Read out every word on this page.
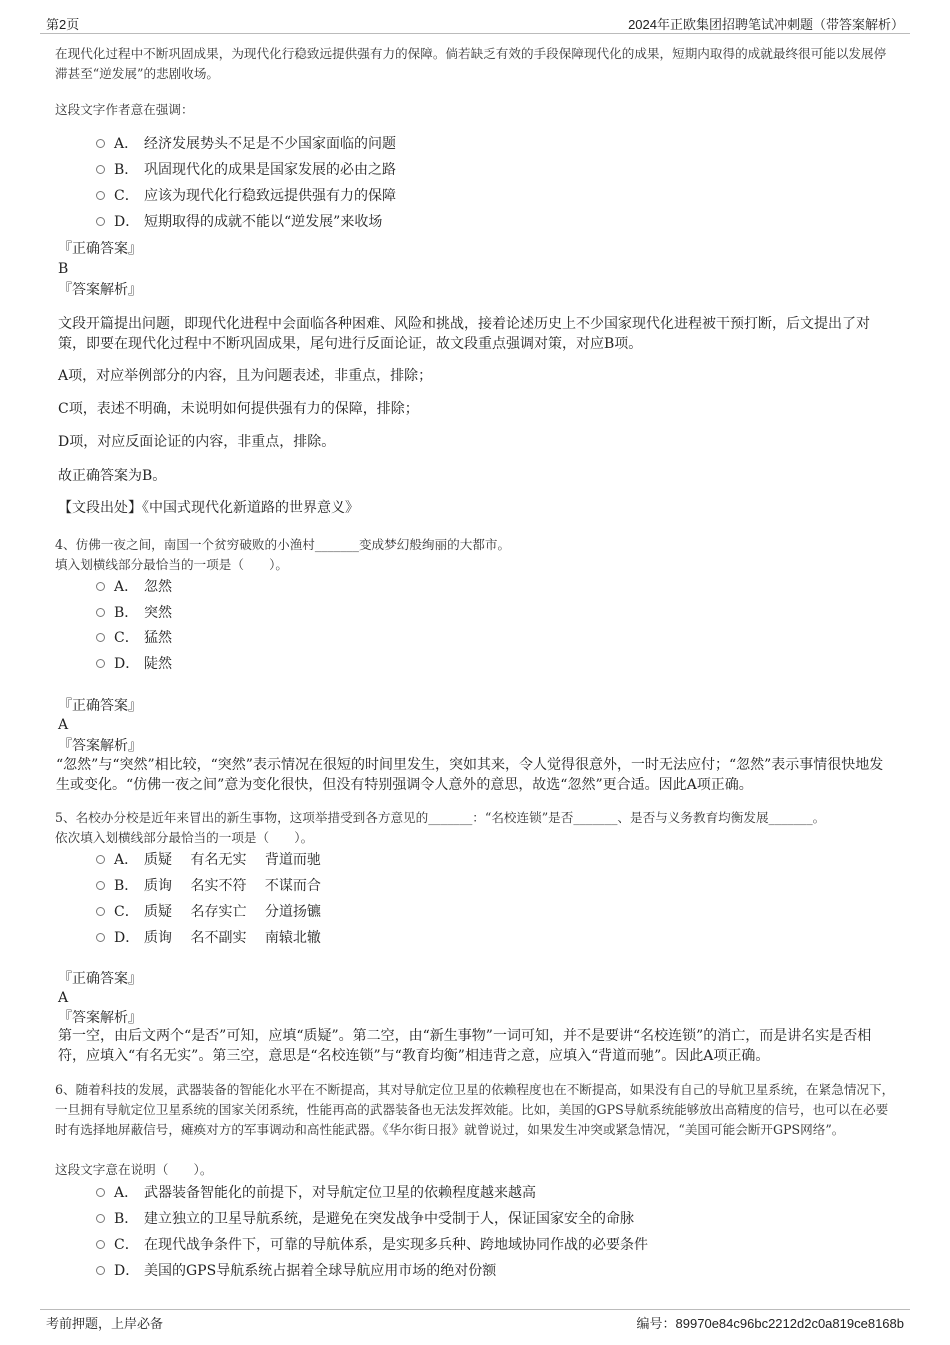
第2页	2024年正欧集团招聘笔试冲刺题（带答案解析）
在现代化过程中不断巩固成果，为现代化行稳致远提供强有力的保障。倘若缺乏有效的手段保障现代化的成果，短期内取得的成就最终很可能以发展停滞甚至“逆发展”的悲剧收场。
这段文字作者意在强调：
A． 经济发展势头不足是不少国家面临的问题
B． 巩固现代化的成果是国家发展的必由之路
C． 应该为现代化行稳致远提供强有力的保障
D． 短期取得的成就不能以“逆发展”来收场
『正确答案』
B
『答案解析』
文段开篇提出问题，即现代化进程中会面临各种困难、风险和挑战，接着论述历史上不少国家现代化进程被干预打断，后文提出了对策，即要在现代化过程中不断巩固成果，尾句进行反面论证，故文段重点强调对策，对应B项。
A项，对应举例部分的内容，且为问题表述，非重点，排除；
C项，表述不明确，未说明如何提供强有力的保障，排除；
D项，对应反面论证的内容，非重点，排除。
故正确答案为B。
【文段出处】《中国式现代化新道路的世界意义》
4、仿佛一夜之间，南国一个贫穷破败的小渔村_______变成梦幻般绚丽的大都市。
填入划横线部分最恰当的一项是（　　）。
A． 忽然
B． 突然
C． 猛然
D． 陡然
『正确答案』
A
『答案解析』
“忽然”与“突然”相比较，“突然”表示情况在很短的时间里发生，突如其来，令人觉得很意外，一时无法应付；“忽然”表示事情很快地发生或变化。“仿佛一夜之间”意为变化很快，但没有特别强调令人意外的意思，故选“忽然”更合适。因此A项正确。
5、名校办分校是近年来冒出的新生事物，这项举措受到各方意见的_______：“名校连锁”是否_______、是否与义务教育均衡发展_______。
依次填入划横线部分最恰当的一项是（　　）。
A． 质疑　 有名无实　 背道而驰
B． 质询　 名实不符　 不谋而合
C． 质疑　 名存实亡　 分道扬镳
D． 质询　 名不副实　 南辕北辙
『正确答案』
A
『答案解析』
第一空，由后文两个“是否”可知，应填“质疑”。第二空，由“新生事物”一词可知，并不是要讲“名校连锁”的消亡，而是讲名实是否相符，应填入“有名无实”。第三空，意思是“名校连锁”与“教育均衡”相违背之意，应填入“背道而驰”。因此A项正确。
6、随着科技的发展，武器装备的智能化水平在不断提高，其对导航定位卫星的依赖程度也在不断提高，如果没有自己的导航卫星系统，在紧急情况下，一旦拥有导航定位卫星系统的国家关闭系统，性能再高的武器装备也无法发挥效能。比如，美国的GPS导航系统能够放出高精度的信号，也可以在必要时有选择地屏蔽信号，瘫痪对方的军事调动和高性能武器。《华尔街日报》就曾说过，如果发生冲突或紧急情况，“美国可能会断开GPS网络”。
这段文字意在说明（　　）。
A． 武器装备智能化的前提下，对导航定位卫星的依赖程度越来越高
B． 建立独立的卫星导航系统，是避免在突发战争中受制于人，保证国家安全的命脉
C． 在现代战争条件下，可靠的导航体系，是实现多兵种、跨地域协同作战的必要条件
D． 美国的GPS导航系统占据着全球导航应用市场的绝对份额
考前押题，上岸必备	编号：89970e84c96bc2212d2c0a819ce8168b
